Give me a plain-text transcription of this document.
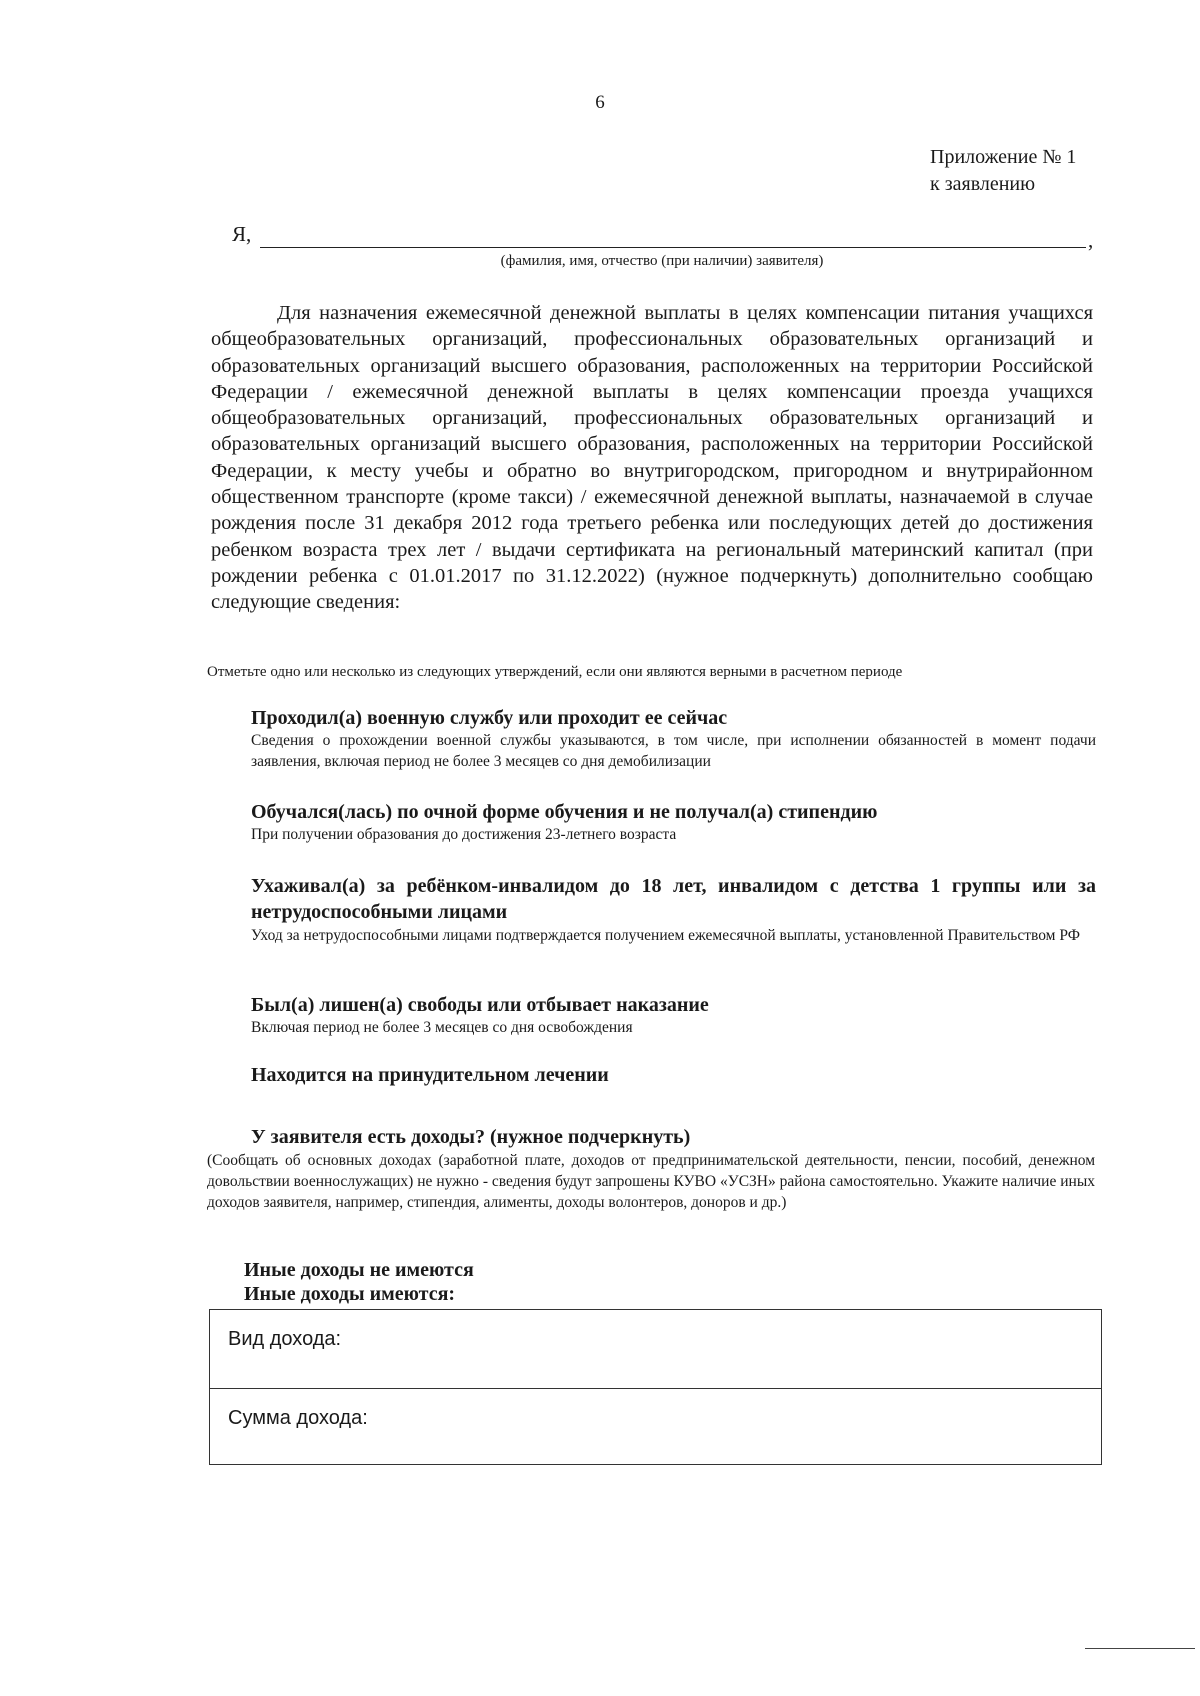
6
Приложение № 1
к заявлению
Я,	,
(фамилия, имя, отчество (при наличии) заявителя)

Для назначения ежемесячной денежной выплаты в целях компенсации питания учащихся общеобразовательных организаций, профессиональных образовательных организаций и образовательных организаций высшего образования, расположенных на территории Российской Федерации / ежемесячной денежной выплаты в целях компенсации проезда учащихся общеобразовательных организаций, профессиональных образовательных организаций и образовательных организаций высшего образования, расположенных на территории Российской Федерации, к месту учебы и обратно во внутригородском, пригородном и внутрирайонном общественном транспорте (кроме такси) / ежемесячной денежной выплаты, назначаемой в случае рождения после 31 декабря 2012 года третьего ребенка или последующих детей до достижения ребенком возраста трех лет / выдачи сертификата на региональный материнский капитал (при рождении ребенка с 01.01.2017 по 31.12.2022) (нужное подчеркнуть) дополнительно сообщаю следующие сведения:

Отметьте одно или несколько из следующих утверждений, если они являются верными в расчетном периоде

Проходил(а) военную службу или проходит ее сейчас

Сведения о прохождении военной службы указываются, в том числе, при исполнении обязанностей в момент подачи заявления, включая период не более 3 месяцев со дня демобилизации

Обучался(лась) по очной форме обучения и не получал(а) стипендию

При получении образования до достижения 23-летнего возраста

Ухаживал(а) за ребёнком-инвалидом до 18 лет, инвалидом с детства 1 группы или за нетрудоспособными лицами

Уход за нетрудоспособными лицами подтверждается получением ежемесячной выплаты, установленной Правительством РФ

Был(а) лишен(а) свободы или отбывает наказание

Включая период не более 3 месяцев со дня освобождения

Находится на принудительном лечении

У заявителя есть доходы? (нужное подчеркнуть)

(Сообщать об основных доходах (заработной плате, доходов от предпринимательской деятельности, пенсии, пособий, денежном довольствии военнослужащих) не нужно - сведения будут запрошены КУВО «УСЗН» района самостоятельно. Укажите наличие иных доходов заявителя, например, стипендия, алименты, доходы волонтеров, доноров и др.)

Иные доходы не имеются
Иные доходы имеются:
Вид дохода:
Сумма дохода:
